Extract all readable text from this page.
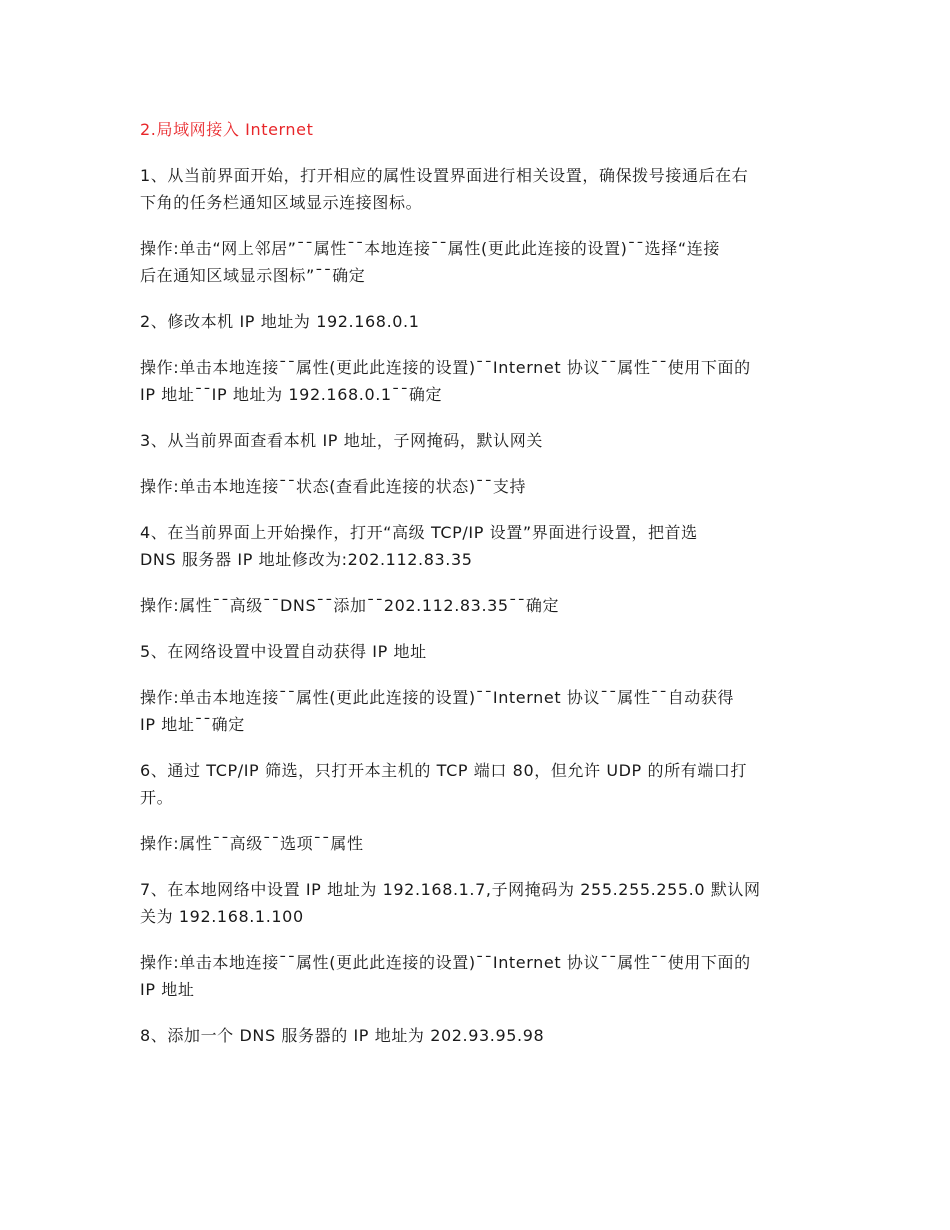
2.局域网接入 Internet
1、从当前界面开始，打开相应的属性设置界面进行相关设置，确保拨号接通后在右
下角的任务栏通知区域显示连接图标。
操作:单击“网上邻居”¯¯属性¯¯本地连接¯¯属性(更此此连接的设置)¯¯选择“连接
后在通知区域显示图标”¯¯确定
2、修改本机 IP 地址为 192.168.0.1
操作:单击本地连接¯¯属性(更此此连接的设置)¯¯Internet 协议¯¯属性¯¯使用下面的
IP 地址¯¯IP 地址为 192.168.0.1¯¯确定
3、从当前界面查看本机 IP 地址，子网掩码，默认网关
操作:单击本地连接¯¯状态(查看此连接的状态)¯¯支持
4、在当前界面上开始操作，打开“高级 TCP/IP 设置”界面进行设置，把首选
DNS 服务器 IP 地址修改为:202.112.83.35
操作:属性¯¯高级¯¯DNS¯¯添加¯¯202.112.83.35¯¯确定
5、在网络设置中设置自动获得 IP 地址
操作:单击本地连接¯¯属性(更此此连接的设置)¯¯Internet 协议¯¯属性¯¯自动获得
IP 地址¯¯确定
6、通过 TCP/IP 筛选，只打开本主机的 TCP 端口 80，但允许 UDP 的所有端口打
开。
操作:属性¯¯高级¯¯选项¯¯属性
7、在本地网络中设置 IP 地址为 192.168.1.7,子网掩码为 255.255.255.0 默认网
关为 192.168.1.100
操作:单击本地连接¯¯属性(更此此连接的设置)¯¯Internet 协议¯¯属性¯¯使用下面的
IP 地址
8、添加一个 DNS 服务器的 IP 地址为 202.93.95.98
